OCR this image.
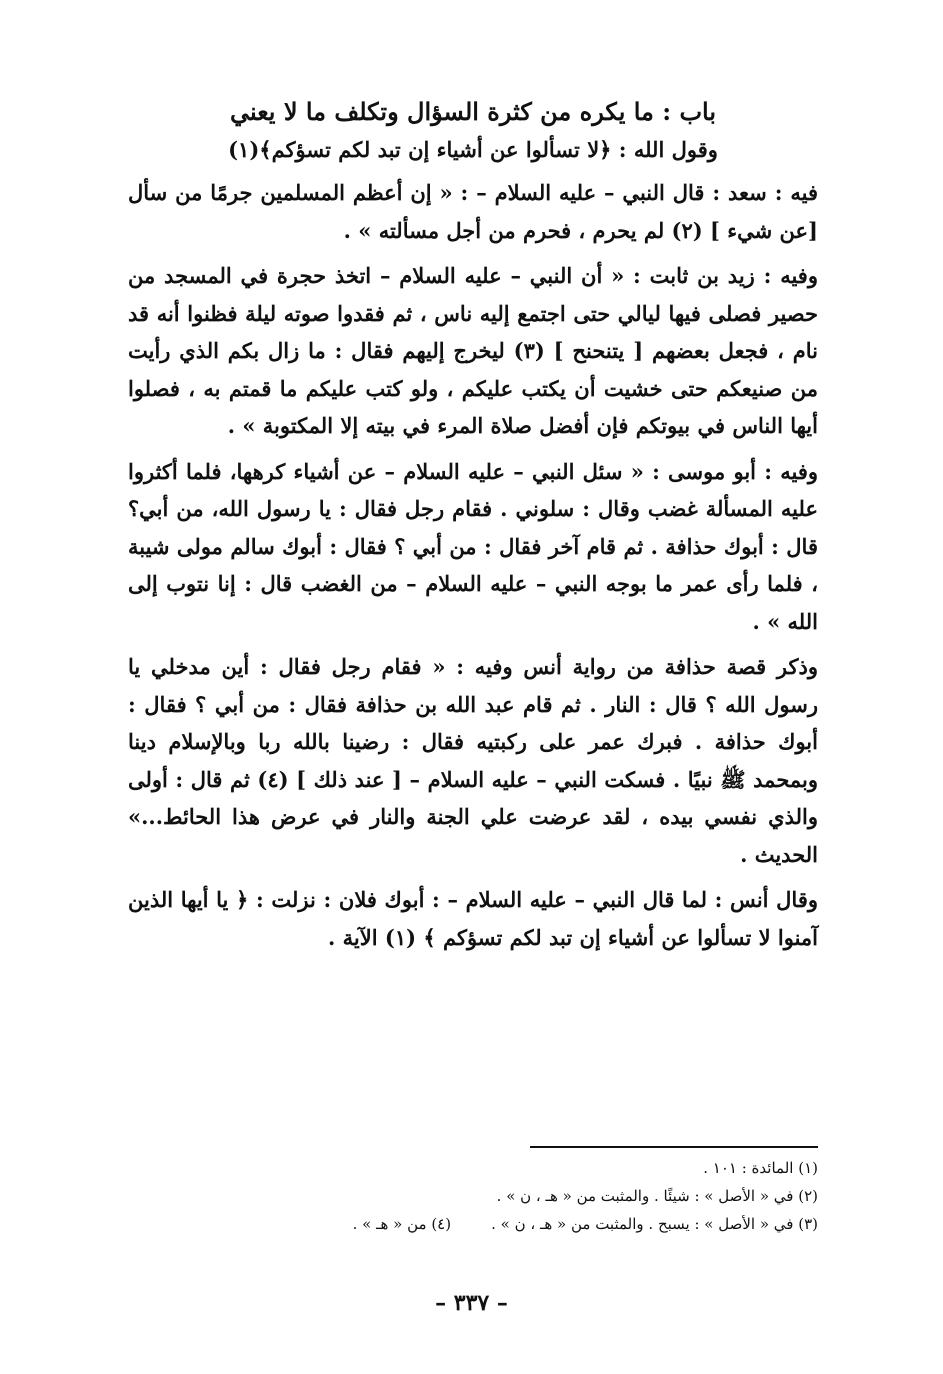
باب : ما يكره من كثرة السؤال وتكلف ما لا يعني

وقول الله : ﴿لا تسألوا عن أشياء إن تبد لكم تسؤكم﴾(١)

فيه : سعد : قال النبي – عليه السلام – : « إن أعظم المسلمين جرمًا من سأل [عن شيء ] (٢) لم يحرم ، فحرم من أجل مسألته » .

وفيه : زيد بن ثابت : « أن النبي – عليه السلام – اتخذ حجرة في المسجد من حصير فصلى فيها ليالي حتى اجتمع إليه ناس ، ثم فقدوا صوته ليلة فظنوا أنه قد نام ، فجعل بعضهم [ يتنحنح ] (٣) ليخرج إليهم فقال : ما زال بكم الذي رأيت من صنيعكم حتى خشيت أن يكتب عليكم ، ولو كتب عليكم ما قمتم به ، فصلوا أيها الناس في بيوتكم فإن أفضل صلاة المرء في بيته إلا المكتوبة » .

وفيه : أبو موسى : « سئل النبي – عليه السلام – عن أشياء كرهها، فلما أكثروا عليه المسألة غضب وقال : سلوني . فقام رجل فقال : يا رسول الله، من أبي؟ قال : أبوك حذافة . ثم قام آخر فقال : من أبي ؟ فقال : أبوك سالم مولى شيبة ، فلما رأى عمر ما بوجه النبي – عليه السلام – من الغضب قال : إنا نتوب إلى الله » .

وذكر قصة حذافة من رواية أنس وفيه : « فقام رجل فقال : أين مدخلي يا رسول الله ؟ قال : النار . ثم قام عبد الله بن حذافة فقال : من أبي ؟ فقال : أبوك حذافة . فبرك عمر على ركبتيه فقال : رضينا بالله ربا وبالإسلام دينا وبمحمد ﷺ نبيًا . فسكت النبي – عليه السلام – [ عند ذلك ] (٤) ثم قال : أولى والذي نفسي بيده ، لقد عرضت علي الجنة والنار في عرض هذا الحائط...» الحديث .

وقال أنس : لما قال النبي – عليه السلام – : أبوك فلان : نزلت : ﴿ يا أيها الذين آمنوا لا تسألوا عن أشياء إن تبد لكم تسؤكم ﴾ (١) الآية .

(١) المائدة : ١٠١ .
(٢) في « الأصل » : شيئًا . والمثبت من « هـ ، ن » .
(٣) في « الأصل » : يسبح . والمثبت من « هـ ، ن » .
(٤) من « هـ » .
– ٣٣٧ –
